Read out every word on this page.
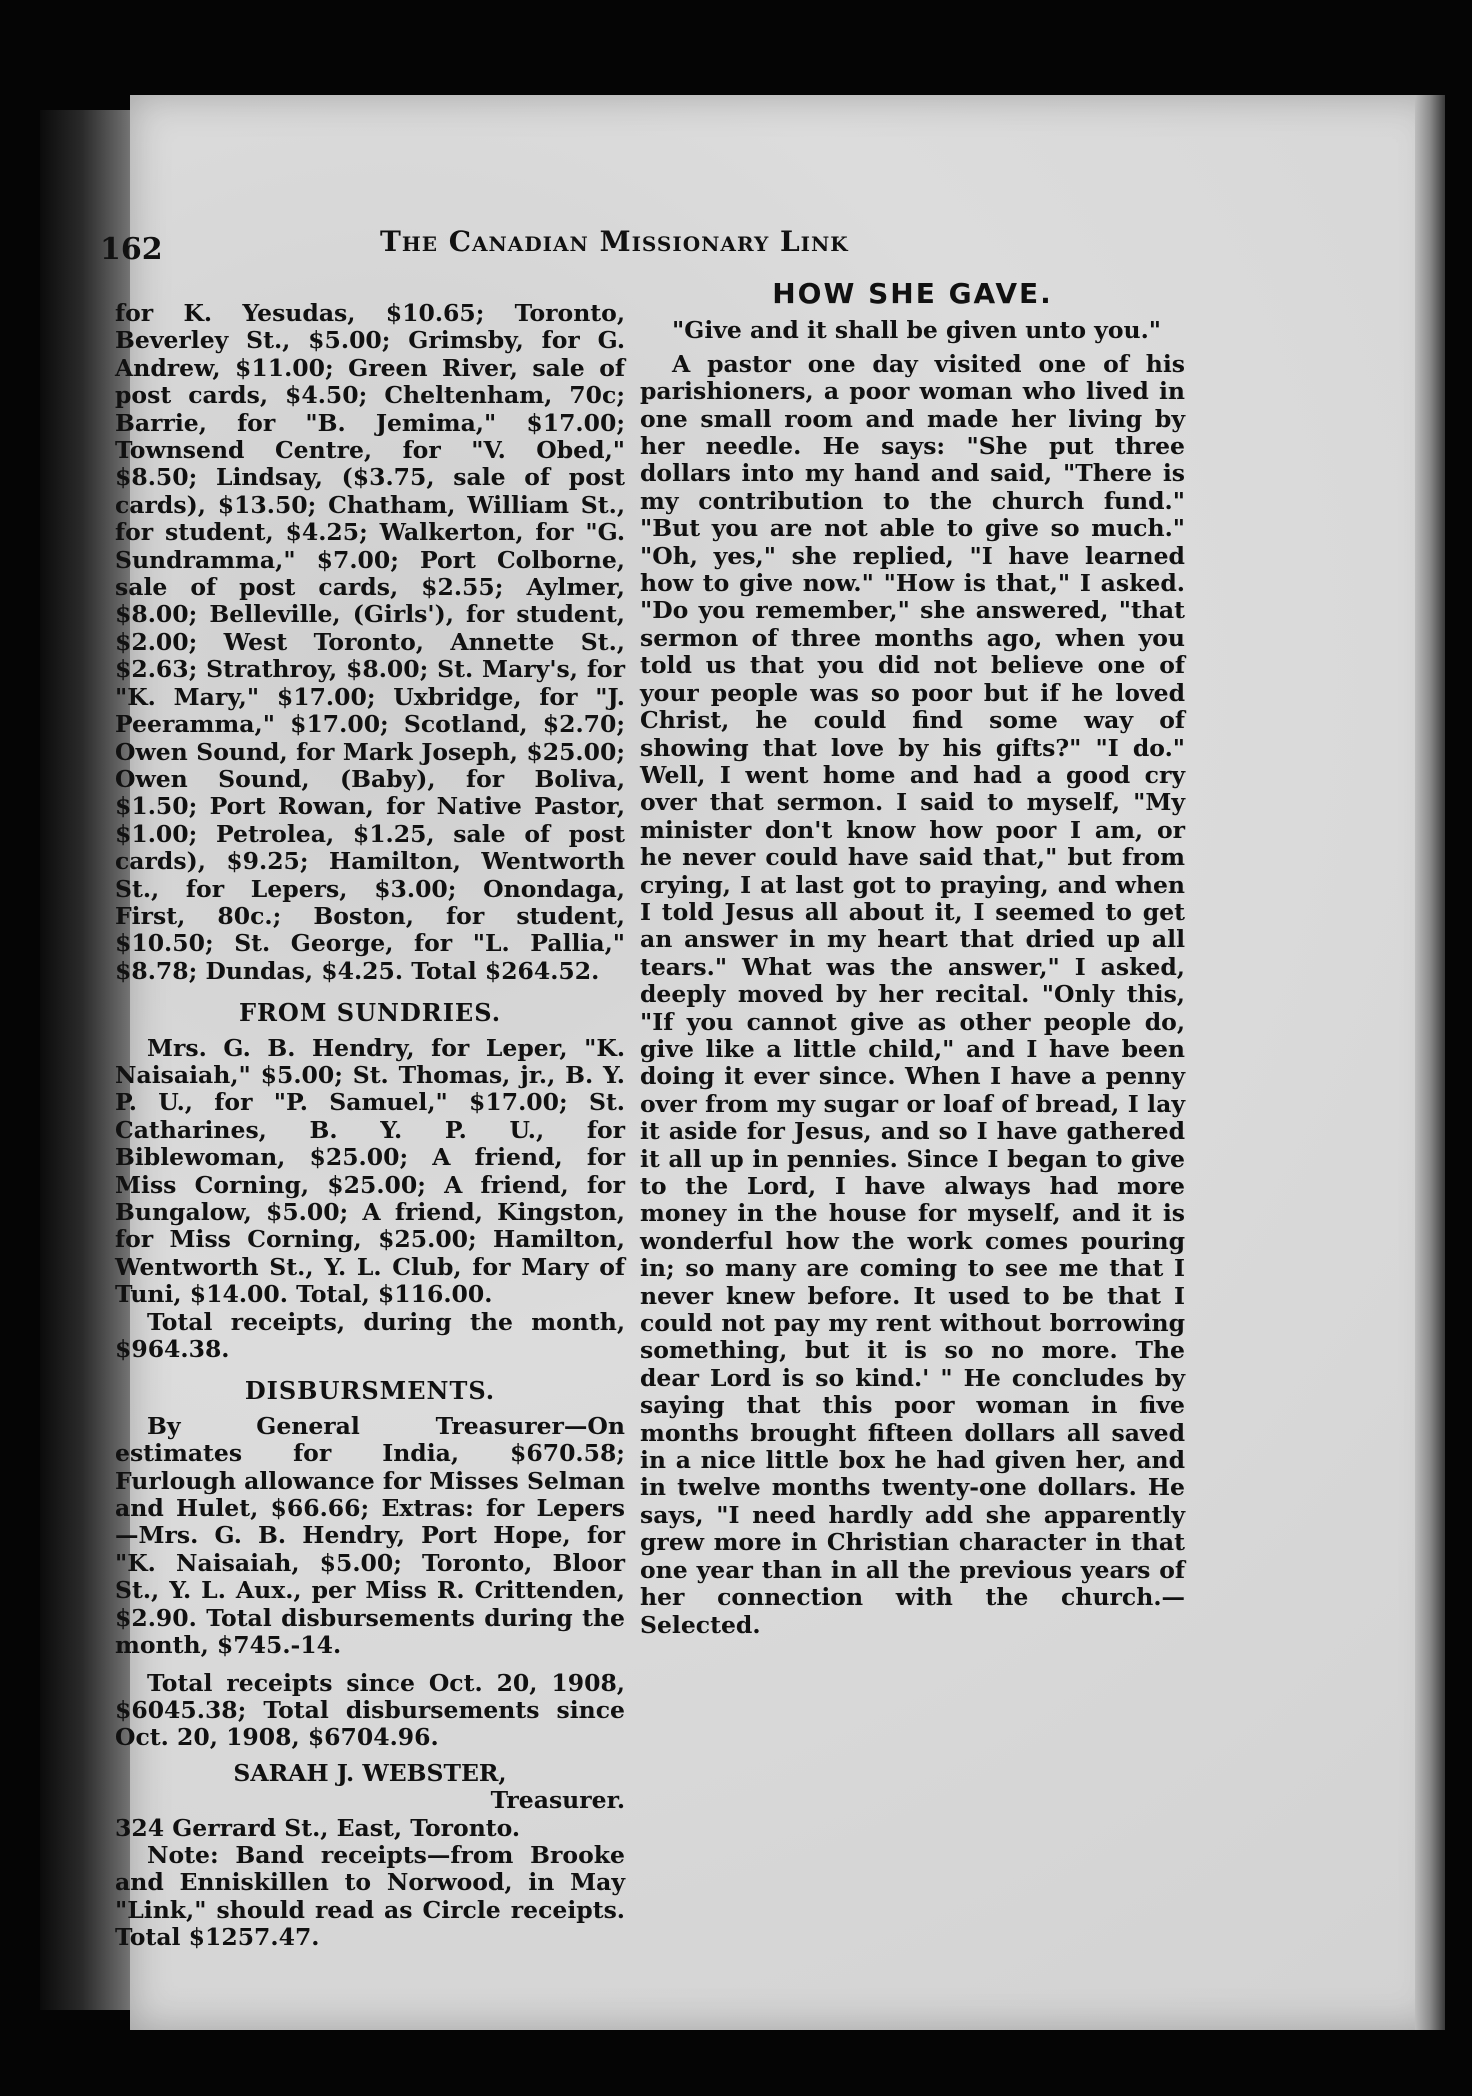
162	The Canadian Missionary Link

for K. Yesudas, $10.65; Toronto, Beverley St., $5.00; Grimsby, for G. Andrew, $11.00; Green River, sale of post cards, $4.50; Cheltenham, 70c; Barrie, for "B. Jemima," $17.00; Townsend Centre, for "V. Obed," $8.50; Lindsay, ($3.75, sale of post cards), $13.50; Chatham, William St., for student, $4.25; Walkerton, for "G. Sundramma," $7.00; Port Colborne, sale of post cards, $2.55; Aylmer, $8.00; Belleville, (Girls'), for student, $2.00; West Toronto, Annette St., $2.63; Strathroy, $8.00; St. Mary's, for "K. Mary," $17.00; Uxbridge, for "J. Peeramma," $17.00; Scotland, $2.70; Owen Sound, for Mark Joseph, $25.00; Owen Sound, (Baby), for Boliva, $1.50; Port Rowan, for Native Pastor, $1.00; Petrolea, $1.25, sale of post cards), $9.25; Hamilton, Wentworth St., for Lepers, $3.00; Onondaga, First, 80c.; Boston, for student, $10.50; St. George, for "L. Pallia," $8.78; Dundas, $4.25. Total $264.52.

FROM SUNDRIES.

Mrs. G. B. Hendry, for Leper, "K. Naisaiah," $5.00; St. Thomas, jr., B. Y. P. U., for "P. Samuel," $17.00; St. Catharines, B. Y. P. U., for Biblewoman, $25.00; A friend, for Miss Corning, $25.00; A friend, for Bungalow, $5.00; A friend, Kingston, for Miss Corning, $25.00; Hamilton, Wentworth St., Y. L. Club, for Mary of Tuni, $14.00. Total, $116.00.

Total receipts, during the month, $964.38.

DISBURSMENTS.

By General Treasurer—On estimates for India, $670.58; Furlough allowance for Misses Selman and Hulet, $66.66; Extras: for Lepers—Mrs. G. B. Hendry, Port Hope, for "K. Naisaiah, $5.00; Toronto, Bloor St., Y. L. Aux., per Miss R. Crittenden, $2.90. Total disbursements during the month, $745.-14.

Total receipts since Oct. 20, 1908, $6045.38; Total disbursements since Oct. 20, 1908, $6704.96.

SARAH J. WEBSTER,
Treasurer.

324 Gerrard St., East, Toronto.

Note: Band receipts—from Brooke and Enniskillen to Norwood, in May "Link," should read as Circle receipts. Total $1257.47.

HOW SHE GAVE.

"Give and it shall be given unto you."

A pastor one day visited one of his parishioners, a poor woman who lived in one small room and made her living by her needle. He says: "She put three dollars into my hand and said, "There is my contribution to the church fund." "But you are not able to give so much." "Oh, yes," she replied, "I have learned how to give now." "How is that," I asked. "Do you remember," she answered, "that sermon of three months ago, when you told us that you did not believe one of your people was so poor but if he loved Christ, he could find some way of showing that love by his gifts?" "I do." Well, I went home and had a good cry over that sermon. I said to myself, "My minister don't know how poor I am, or he never could have said that," but from crying, I at last got to praying, and when I told Jesus all about it, I seemed to get an answer in my heart that dried up all tears." What was the answer," I asked, deeply moved by her recital. "Only this, "If you cannot give as other people do, give like a little child," and I have been doing it ever since. When I have a penny over from my sugar or loaf of bread, I lay it aside for Jesus, and so I have gathered it all up in pennies. Since I began to give to the Lord, I have always had more money in the house for myself, and it is wonderful how the work comes pouring in; so many are coming to see me that I never knew before. It used to be that I could not pay my rent without borrowing something, but it is so no more. The dear Lord is so kind.' " He concludes by saying that this poor woman in five months brought fifteen dollars all saved in a nice little box he had given her, and in twelve months twenty-one dollars. He says, "I need hardly add she apparently grew more in Christian character in that one year than in all the previous years of her connection with the church.—Selected.
